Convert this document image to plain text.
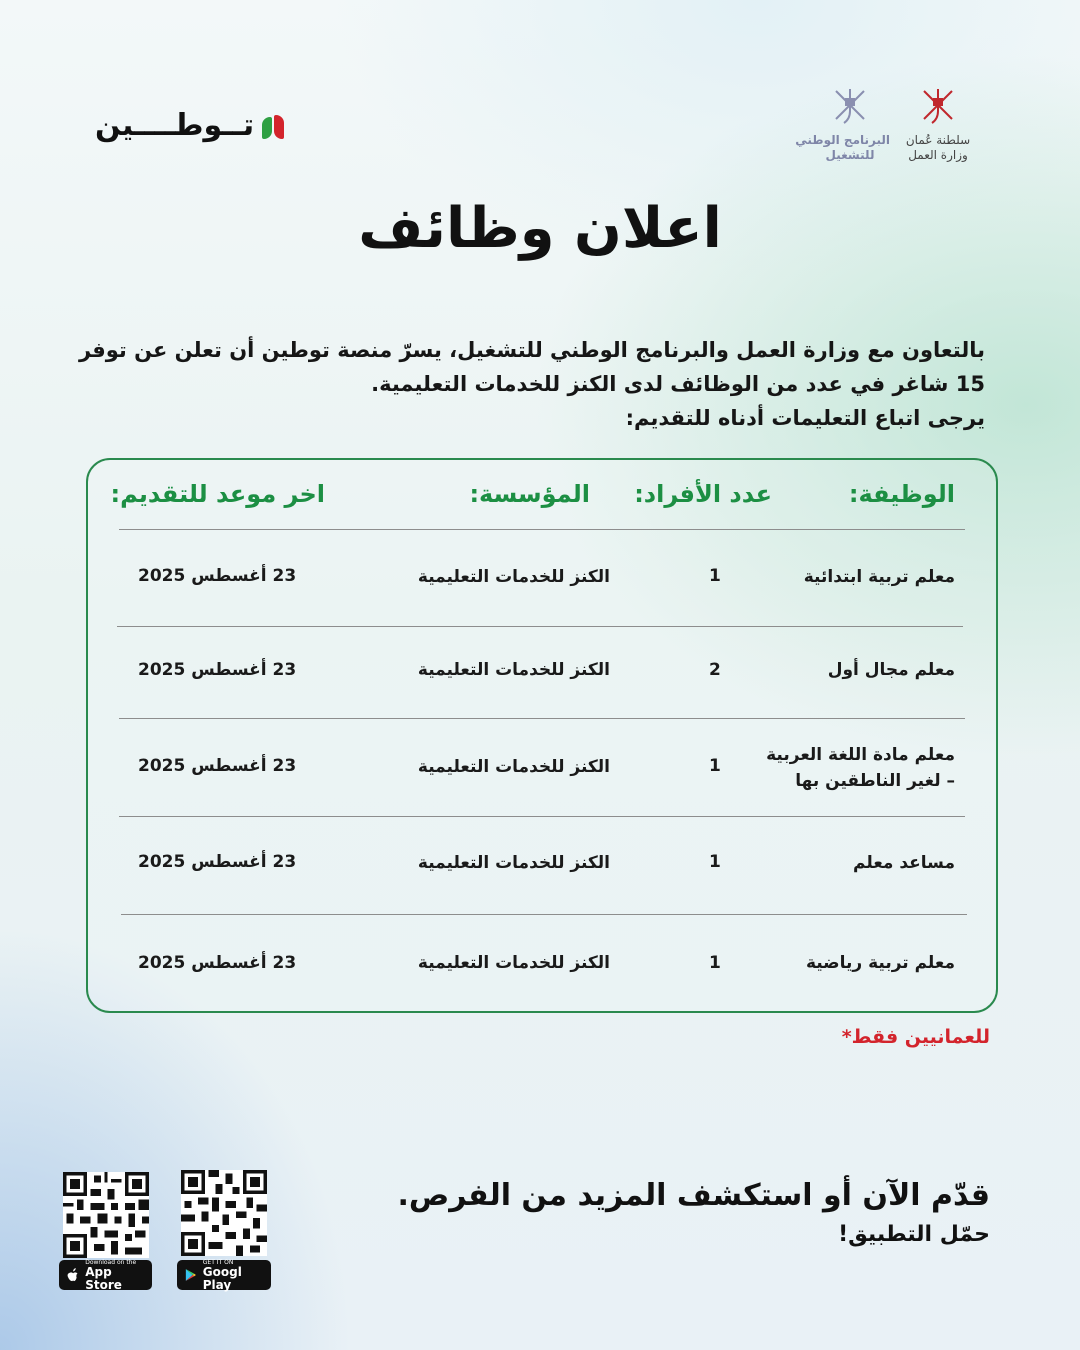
تــوطــــين	البرنامج الوطني
للتشغيل
سلطنة عُمان
وزارة العمل
اعلان وظائف
بالتعاون مع وزارة العمل والبرنامج الوطني للتشغيل، يسرّ منصة توطين أن تعلن عن توفر
15 شاغر في عدد من الوظائف لدى الكنز للخدمات التعليمية.
يرجى اتباع التعليمات أدناه للتقديم:
الوظيفة:
عدد الأفراد:
المؤسسة:
اخر موعد للتقديم:
معلم تربية ابتدائية
1
الكنز للخدمات التعليمية
23 أغسطس 2025
معلم مجال أول
2
الكنز للخدمات التعليمية
23 أغسطس 2025
معلم مادة اللغة العربية
– لغير الناطقين بها
1
الكنز للخدمات التعليمية
23 أغسطس 2025
مساعد معلم
1
الكنز للخدمات التعليمية
23 أغسطس 2025
معلم تربية رياضية
1
الكنز للخدمات التعليمية
23 أغسطس 2025
للعمانيين فقط*
قدّم الآن أو استكشف المزيد من الفرص.
حمّل التطبيق!
Download on the
App Store
GET IT ON
Googl Play
